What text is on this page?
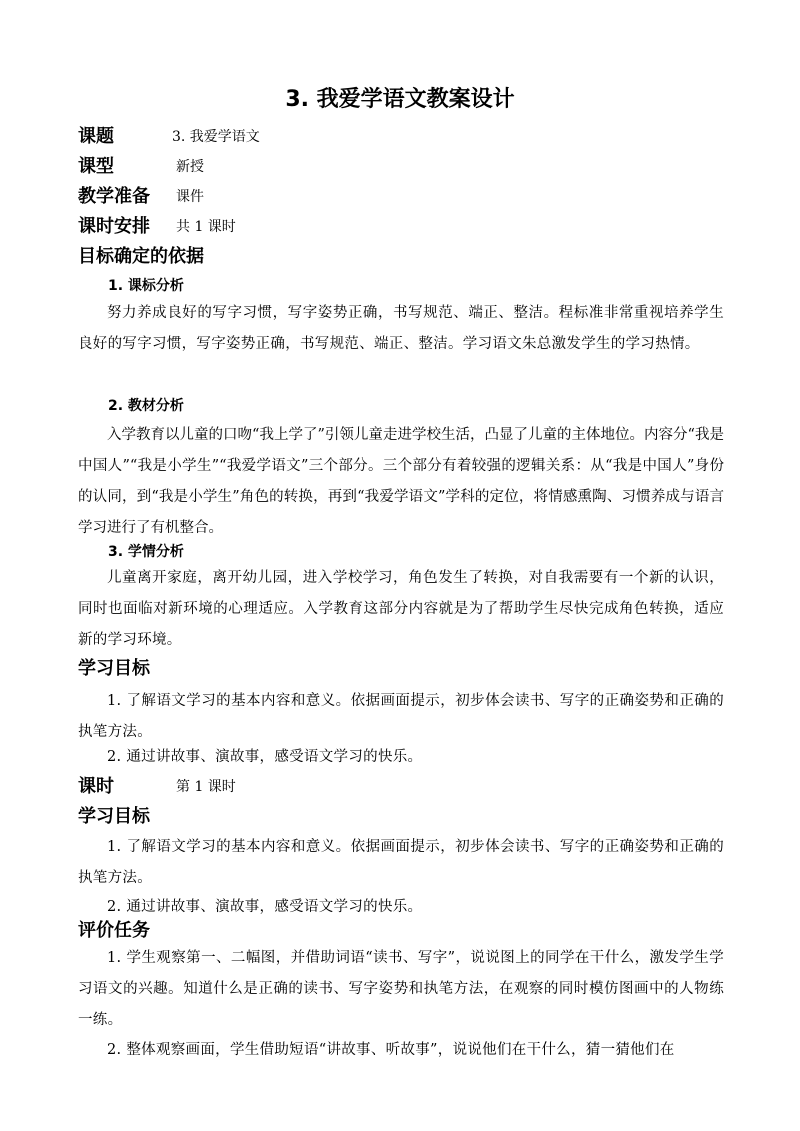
3. 我爱学语文教案设计
课题	3. 我爱学语文
课型	新授
教学准备 课件
课时安排 共 1 课时
目标确定的依据
1. 课标分析
努力养成良好的写字习惯，写字姿势正确，书写规范、端正、整洁。程标准非常重视培养学生良好的写字习惯，写字姿势正确，书写规范、端正、整洁。学习语文朱总激发学生的学习热情。
2. 教材分析
入学教育以儿童的口吻“我上学了”引领儿童走进学校生活，凸显了儿童的主体地位。内容分“我是中国人”“我是小学生”“我爱学语文”三个部分。三个部分有着较强的逻辑关系：从“我是中国人”身份的认同，到“我是小学生”角色的转换，再到“我爱学语文”学科的定位，将情感熏陶、习惯养成与语言学习进行了有机整合。
3. 学情分析
儿童离开家庭，离开幼儿园，进入学校学习，角色发生了转换，对自我需要有一个新的认识，同时也面临对新环境的心理适应。入学教育这部分内容就是为了帮助学生尽快完成角色转换，适应新的学习环境。
学习目标
1. 了解语文学习的基本内容和意义。依据画面提示，初步体会读书、写字的正确姿势和正确的执笔方法。
2. 通过讲故事、演故事，感受语文学习的快乐。
课时	第 1 课时
学习目标
1. 了解语文学习的基本内容和意义。依据画面提示，初步体会读书、写字的正确姿势和正确的执笔方法。
2. 通过讲故事、演故事，感受语文学习的快乐。
评价任务
1. 学生观察第一、二幅图，并借助词语“读书、写字”，说说图上的同学在干什么，激发学生学习语文的兴趣。知道什么是正确的读书、写字姿势和执笔方法，在观察的同时模仿图画中的人物练一练。
2. 整体观察画面，学生借助短语“讲故事、听故事”，说说他们在干什么，猜一猜他们在
